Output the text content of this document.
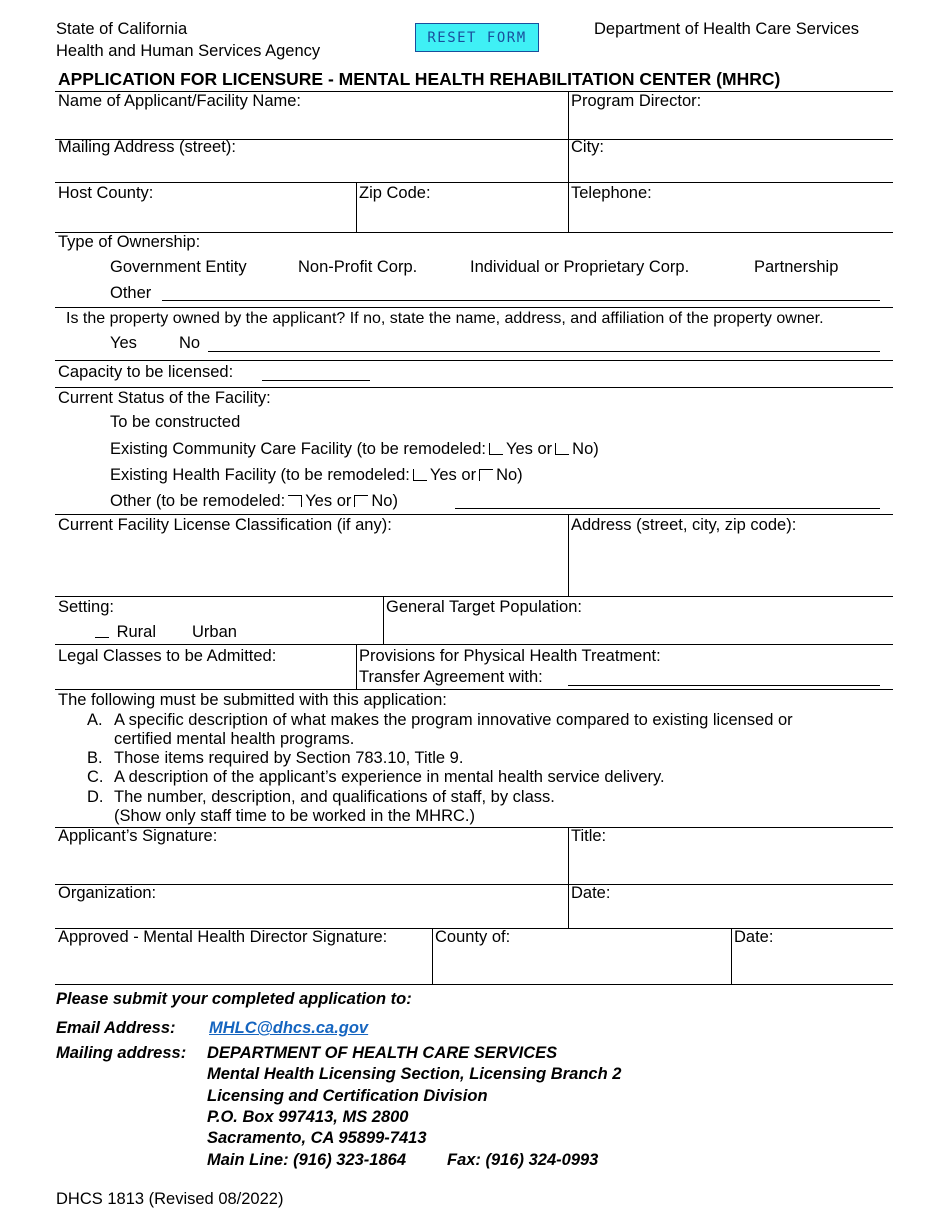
State of California
Health and Human Services Agency
RESET FORM	Department of Health Care Services
APPLICATION FOR LICENSURE - MENTAL HEALTH REHABILITATION CENTER (MHRC)
Name of Applicant/Facility Name:	Program Director:
Mailing Address (street):	City:
Host County:	Zip Code:	Telephone:
Type of Ownership:
Government Entity	Non-Profit Corp.	Individual or Proprietary Corp.	Partnership
Other
Is the property owned by the applicant? If no, state the name, address, and affiliation of the property owner.
Yes	No
Capacity to be licensed:
Current Status of the Facility:
To be constructed
Existing Community Care Facility (to be remodeled: Yes or No)
Existing Health Facility (to be remodeled: Yes or No)
Other (to be remodeled: Yes or No)
Current Facility License Classification (if any):	Address (street, city, zip code):
Setting:	General Target Population:
Rural Urban
Legal Classes to be Admitted:	Provisions for Physical Health Treatment:
Transfer Agreement with:
The following must be submitted with this application:
A. A specific description of what makes the program innovative compared to existing licensed or
certified mental health programs.
B. Those items required by Section 783.10, Title 9.
C. A description of the applicant’s experience in mental health service delivery.
D. The number, description, and qualifications of staff, by class.
(Show only staff time to be worked in the MHRC.)
Applicant’s Signature:	Title:
Organization:	Date:
Approved - Mental Health Director Signature:	County of:	Date:
Please submit your completed application to:
Email Address: MHLC@dhcs.ca.gov
Mailing address: DEPARTMENT OF HEALTH CARE SERVICES
Mental Health Licensing Section, Licensing Branch 2
Licensing and Certification Division
P.O. Box 997413, MS 2800
Sacramento, CA 95899-7413
Main Line: (916) 323-1864 Fax: (916) 324-0993
DHCS 1813 (Revised 08/2022)
